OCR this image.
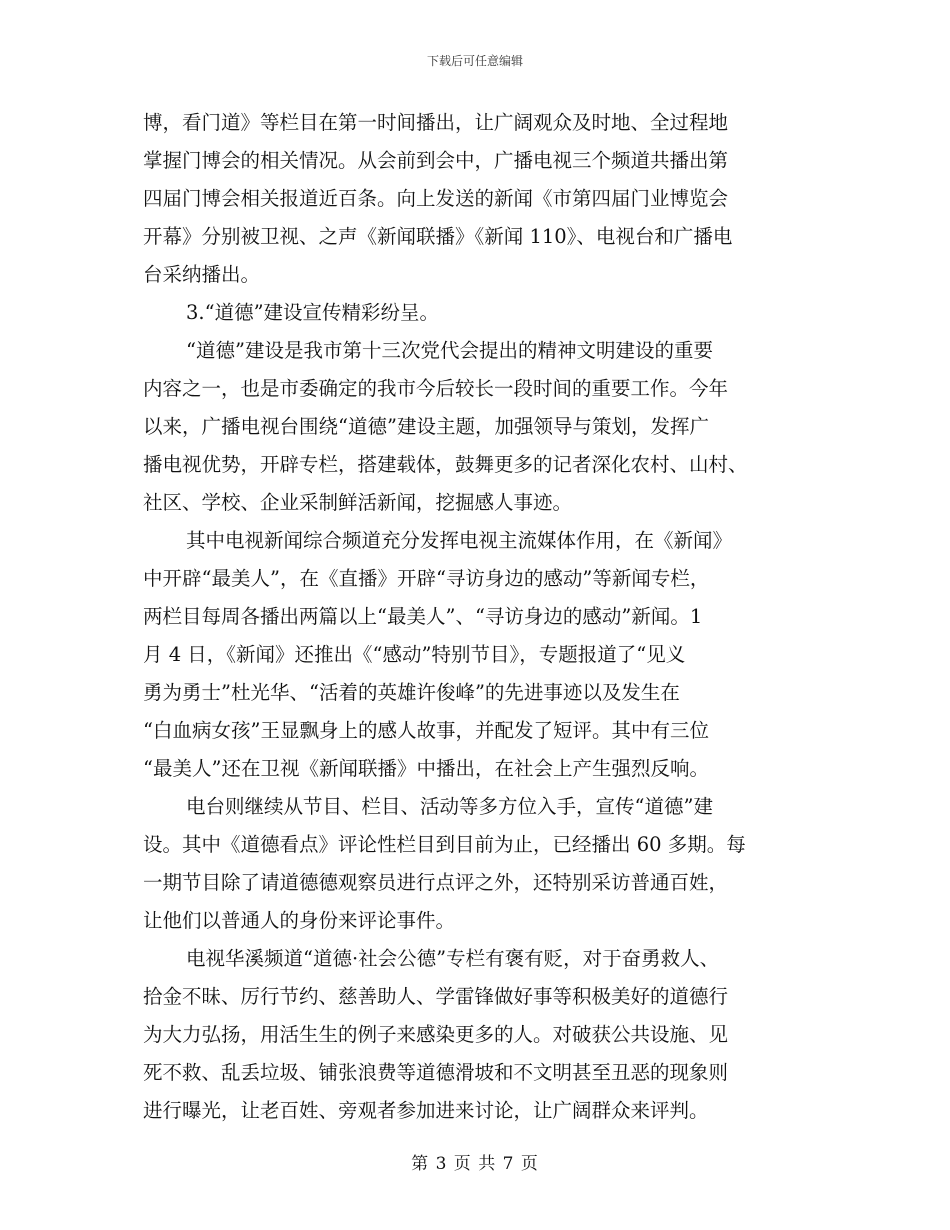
下载后可任意编辑
博，看门道》等栏目在第一时间播出，让广阔观众及时地、全过程地
掌握门博会的相关情况。从会前到会中，广播电视三个频道共播出第
四届门博会相关报道近百条。向上发送的新闻《市第四届门业博览会
开幕》分别被卫视、之声《新闻联播》《新闻 110》、电视台和广播电
台采纳播出。
3.“道德”建设宣传精彩纷呈。
“道德”建设是我市第十三次党代会提出的精神文明建设的重要
内容之一，也是市委确定的我市今后较长一段时间的重要工作。今年
以来，广播电视台围绕“道德”建设主题，加强领导与策划，发挥广
播电视优势，开辟专栏，搭建载体，鼓舞更多的记者深化农村、山村、
社区、学校、企业采制鲜活新闻，挖掘感人事迹。
其中电视新闻综合频道充分发挥电视主流媒体作用，在《新闻》
中开辟“最美人”，在《直播》开辟“寻访身边的感动”等新闻专栏，
两栏目每周各播出两篇以上“最美人”、“寻访身边的感动”新闻。1
月 4 日，《新闻》还推出《“感动”特别节目》，专题报道了“见义
勇为勇士”杜光华、“活着的英雄许俊峰”的先进事迹以及发生在
“白血病女孩”王显飘身上的感人故事，并配发了短评。其中有三位
“最美人”还在卫视《新闻联播》中播出，在社会上产生强烈反响。
电台则继续从节目、栏目、活动等多方位入手，宣传“道德”建
设。其中《道德看点》评论性栏目到目前为止，已经播出 60 多期。每
一期节目除了请道德德观察员进行点评之外，还特别采访普通百姓，
让他们以普通人的身份来评论事件。
电视华溪频道“道德·社会公德”专栏有褒有贬，对于奋勇救人、
拾金不昧、厉行节约、慈善助人、学雷锋做好事等积极美好的道德行
为大力弘扬，用活生生的例子来感染更多的人。对破获公共设施、见
死不救、乱丢垃圾、铺张浪费等道德滑坡和不文明甚至丑恶的现象则
进行曝光，让老百姓、旁观者参加进来讨论，让广阔群众来评判。
第 3 页 共 7 页
